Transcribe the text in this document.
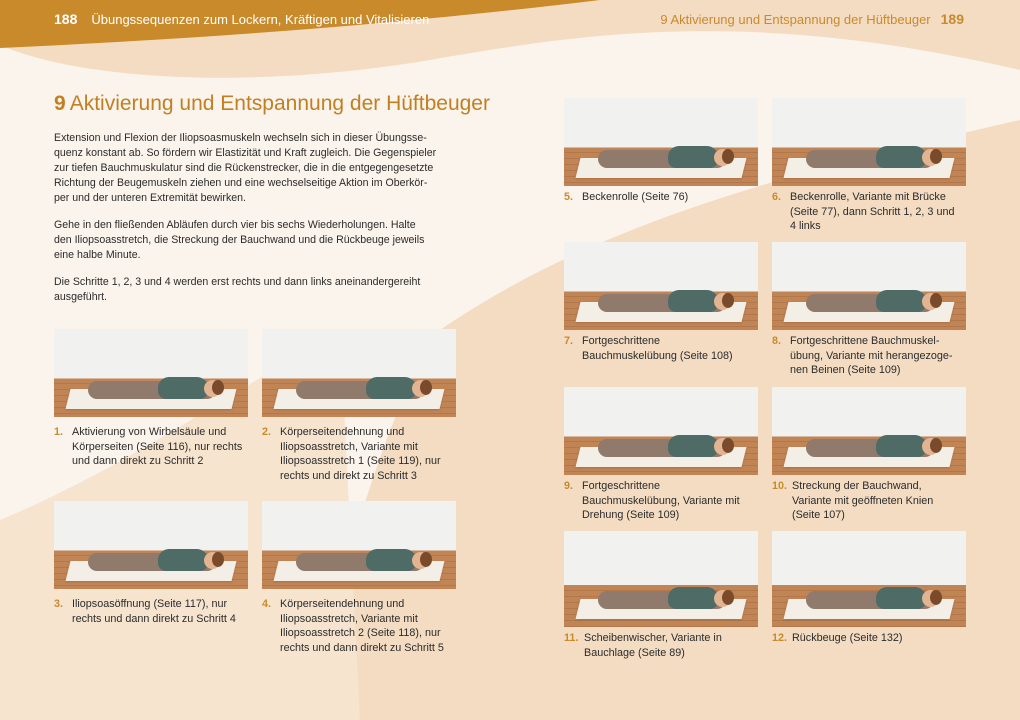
188 Übungssequenzen zum Lockern, Kräftigen und Vitalisieren	9 Aktivierung und Entspannung der Hüftbeuger 189
9 Aktivierung und Entspannung der Hüftbeuger
Extension und Flexion der Iliopsoasmuskeln wechseln sich in dieser Übungsse-
quenz konstant ab. So fördern wir Elastizität und Kraft zugleich. Die Gegenspieler
zur tiefen Bauchmuskulatur sind die Rückenstrecker, die in die entgegengesetzte
Richtung der Beugemuskeln ziehen und eine wechselseitige Aktion im Oberkör-
per und der unteren Extremität bewirken.
Gehe in den fließenden Abläufen durch vier bis sechs Wiederholungen. Halte
den Iliopsoasstretch, die Streckung der Bauchwand und die Rückbeuge jeweils
eine halbe Minute.
Die Schritte 1, 2, 3 und 4 werden erst rechts und dann links aneinandergereiht
ausgeführt.

1. Aktivierung von Wirbelsäule und
Körperseiten (Seite 116), nur rechts
und dann direkt zu Schritt 2

2. Körperseitendehnung und
Iliopsoasstretch, Variante mit
Iliopsoasstretch 1 (Seite 119), nur
rechts und direkt zu Schritt 3

3. Iliopsoasöffnung (Seite 117), nur
rechts und dann direkt zu Schritt 4

4. Körperseitendehnung und
Iliopsoasstretch, Variante mit
Iliopsoasstretch 2 (Seite 118), nur
rechts und dann direkt zu Schritt 5

5. Beckenrolle (Seite 76)	6. Beckenrolle, Variante mit Brücke
(Seite 77), dann Schritt 1, 2, 3 und
4 links

7. Fortgeschrittene
Bauchmuskelübung (Seite 108)

8. Fortgeschrittene Bauchmuskel-
übung, Variante mit herangezoge-
nen Beinen (Seite 109)

9. Fortgeschrittene
Bauchmuskelübung, Variante mit
Drehung (Seite 109)

10. Streckung der Bauchwand,
Variante mit geöffneten Knien
(Seite 107)

11. Scheibenwischer, Variante in
Bauchlage (Seite 89)

12. Rückbeuge (Seite 132)
